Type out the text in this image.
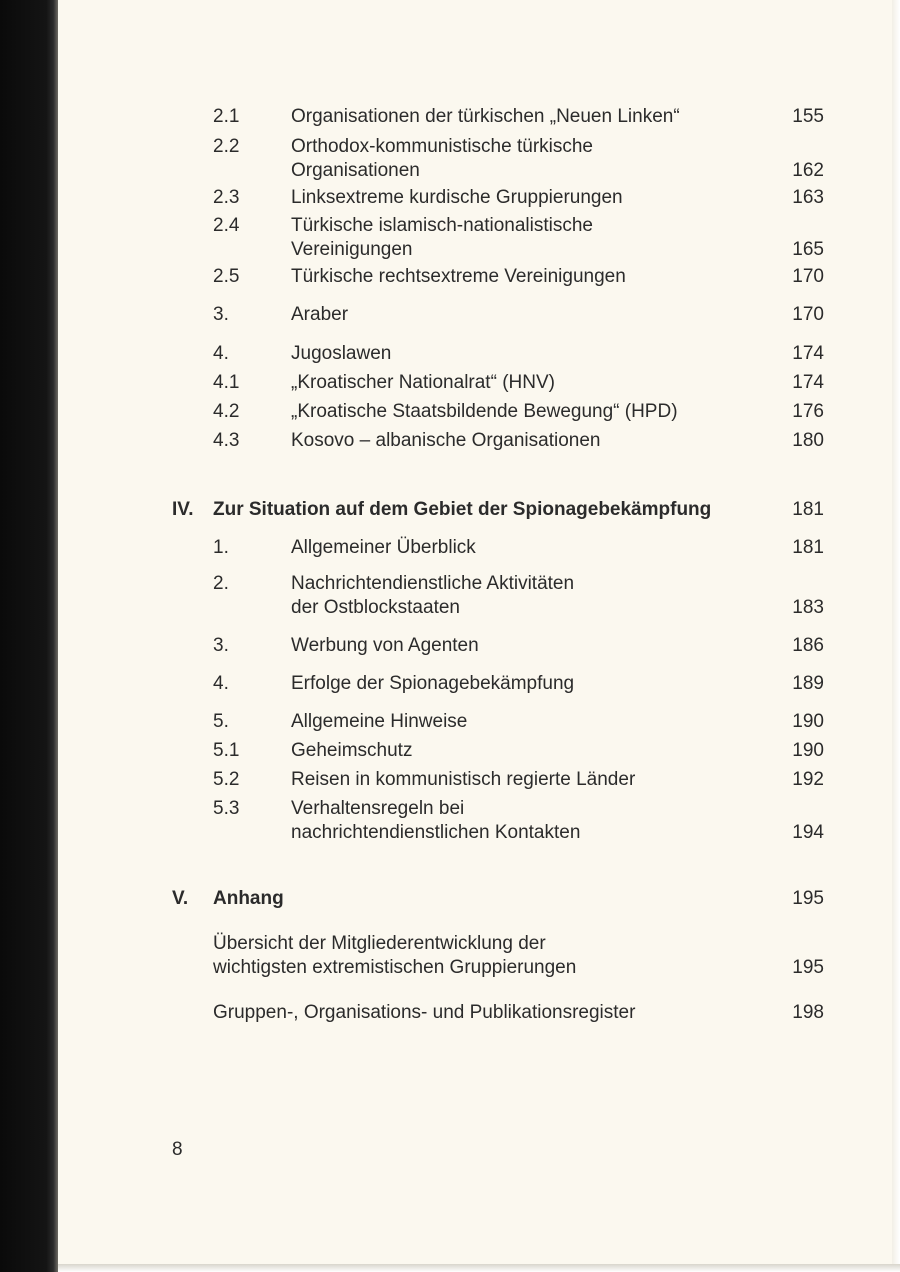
2.1	Organisationen der türkischen „Neuen Linken“	155
2.2	Orthodox-kommunistische türkische
Organisationen	162
2.3	Linksextreme kurdische Gruppierungen	163
2.4	Türkische islamisch-nationalistische
Vereinigungen	165
2.5	Türkische rechtsextreme Vereinigungen	170
3.	Araber	170
4.	Jugoslawen	174
4.1	„Kroatischer Nationalrat“ (HNV)	174
4.2	„Kroatische Staatsbildende Bewegung“ (HPD)	176
4.3	Kosovo – albanische Organisationen	180
IV. Zur Situation auf dem Gebiet der Spionagebekämpfung	181
1.	Allgemeiner Überblick	181
2.	Nachrichtendienstliche Aktivitäten
der Ostblockstaaten	183
3.	Werbung von Agenten	186
4.	Erfolge der Spionagebekämpfung	189
5.	Allgemeine Hinweise	190
5.1	Geheimschutz	190
5.2	Reisen in kommunistisch regierte Länder	192
5.3	Verhaltensregeln bei
nachrichtendienstlichen Kontakten	194
V. Anhang	195
Übersicht der Mitgliederentwicklung der
wichtigsten extremistischen Gruppierungen	195
Gruppen-, Organisations- und Publikationsregister	198
8
